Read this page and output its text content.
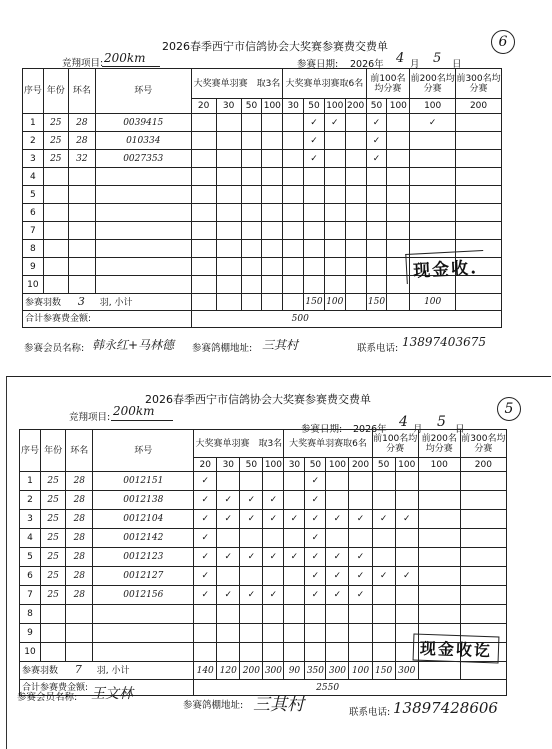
6
2026春季西宁市信鸽协会大奖赛参赛费交费单
竞翔项目: 200km	参赛日期: 2026年 4 月 5 日
序号	年份	环名	环号	大奖赛单羽赛　取3名				大奖赛单羽赛取6名				前100名均分赛		前200名均分赛	前300名均分赛
				20	30	50	100	30	50	100	200	50	100	100	200
1	25	28	0039415						✓	✓		✓		✓	
2	25	28	010334						✓			✓			
3	25	32	0027353						✓			✓			
4															
5															
6															
7															
8															
9															
10															
参赛羽数 3 羽, 小计									150	100		150		100	
合计参赛费金额:				500											
参赛会员名称: 韩永红+马林德 参赛鸽棚地址: 三其村	联系电话: 13897403675
现金收.
5
2026春季西宁市信鸽协会大奖赛参赛费交费单
竞翔项目: 200km
参赛日期: 2026年 4 月 5 日
序号	年份	环名	环号	大奖赛单羽赛　取3名				大奖赛单羽赛取6名				前100名均分赛		前200名均分赛	前300名均分赛
				20	30	50	100	30	50	100	200	50	100	100	200
1	25	28	0012151	✓					✓						
2	25	28	0012138	✓	✓	✓	✓		✓						
3	25	28	0012104	✓	✓	✓	✓	✓	✓	✓	✓	✓	✓		
4	25	28	0012142	✓					✓						
5	25	28	0012123	✓	✓	✓	✓	✓	✓	✓	✓				
6	25	28	0012127	✓					✓	✓	✓	✓	✓		
7	25	28	0012156	✓	✓	✓	✓		✓	✓	✓				
8															
9															
10															
参赛羽数 7 羽, 小计				140	120	200	300	90	350	300	100	150	300		
合计参赛费金额:				2550											
参赛会员名称: 王文林
参赛鸽棚地址: 三其村	联系电话: 13897428606
现金收讫
